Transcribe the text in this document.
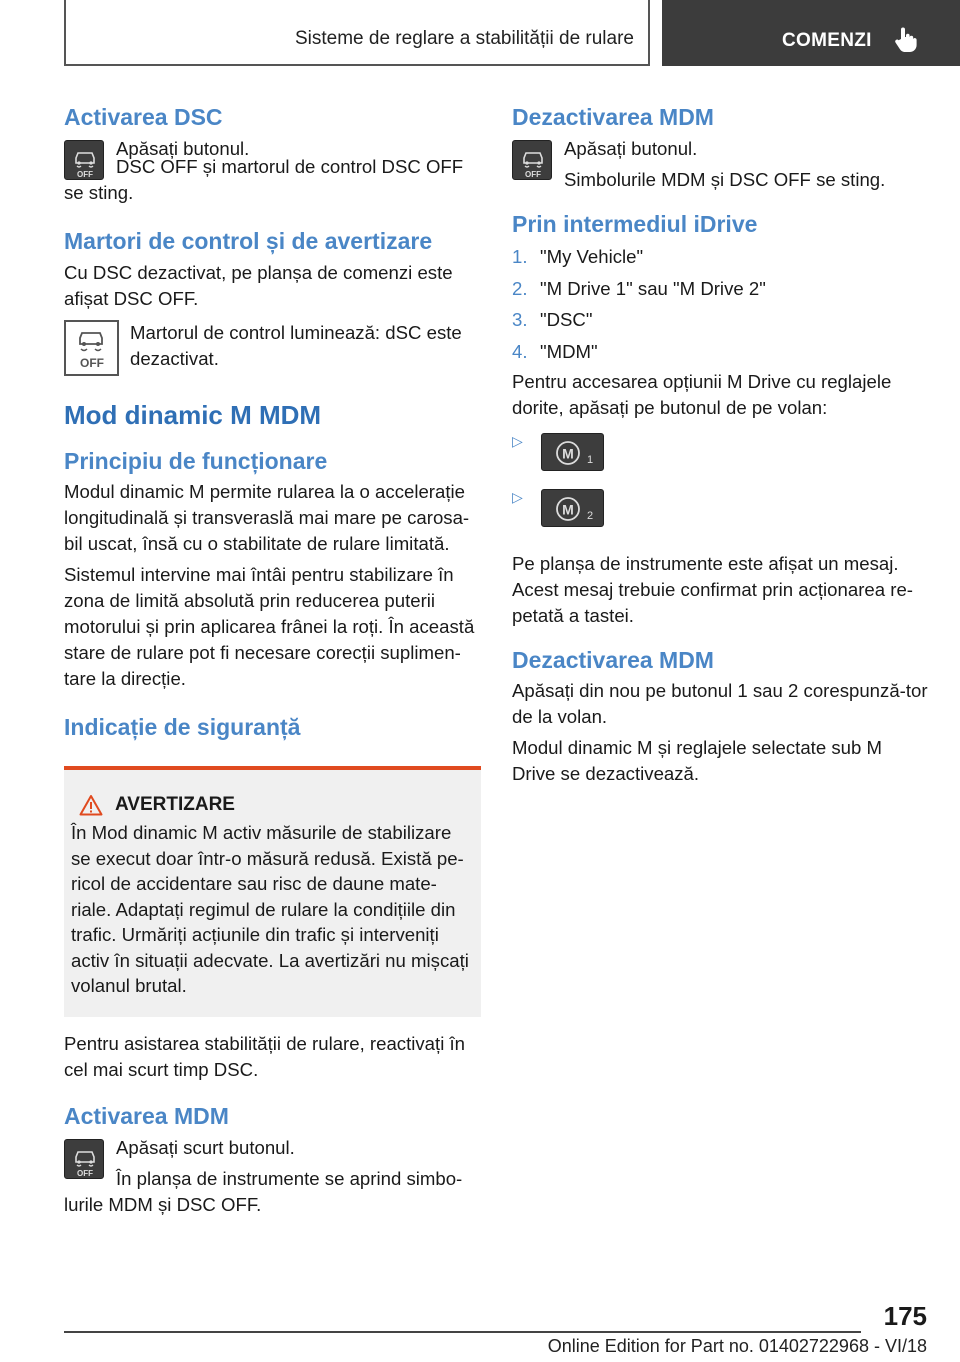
Sisteme de reglare a stabilității de rulare	COMENZI
Activarea DSC
OFF

Apăsați butonul.

DSC OFF și martorul de control DSC OFF se sting.

Martori de control și de avertizare

Cu DSC dezactivat, pe planșa de comenzi este afișat DSC OFF.

OFF

Martorul de control luminează: dSC este dezactivat.

Mod dinamic M MDM
Principiu de funcționare

Modul dinamic M permite rularea la o accelerație longitudinală și transveraslă mai mare pe carosa-bil uscat, însă cu o stabilitate de rulare limitată.

Sistemul intervine mai întâi pentru stabilizare în zona de limită absolută prin reducerea puterii motorului și prin aplicarea frânei la roți. În această stare de rulare pot fi necesare corecții suplimen-tare la direcție.

Indicație de siguranță
AVERTIZARE

În Mod dinamic M activ măsurile de stabilizare se execut doar într-o măsură redusă. Există pe-ricol de accidentare sau risc de daune mate-riale. Adaptați regimul de rulare la condițiile din trafic. Urmăriți acțiunile din trafic și interveniți activ în situații adecvate. La avertizări nu mișcați volanul brutal.

Pentru asistarea stabilității de rulare, reactivați în cel mai scurt timp DSC.

Activarea MDM
OFF

Apăsați scurt butonul.

În planșa de instrumente se aprind simbo-lurile MDM și DSC OFF.

Dezactivarea MDM
OFF

Apăsați butonul.

Simbolurile MDM și DSC OFF se sting.

Prin intermediul iDrive
1. "My Vehicle"
2. "M Drive 1" sau "M Drive 2"
3. "DSC"
4. "MDM"

Pentru accesarea opțiunii M Drive cu reglajele dorite, apăsați pe butonul de pe volan:

▷
M 1
▷
M 2

Pe planșa de instrumente este afișat un mesaj. Acest mesaj trebuie confirmat prin acționarea re-petată a tastei.

Dezactivarea MDM

Apăsați din nou pe butonul 1 sau 2 corespunză-tor de la volan.

Modul dinamic M și reglajele selectate sub M Drive se dezactivează.

175
Online Edition for Part no. 01402722968 - VI/18
